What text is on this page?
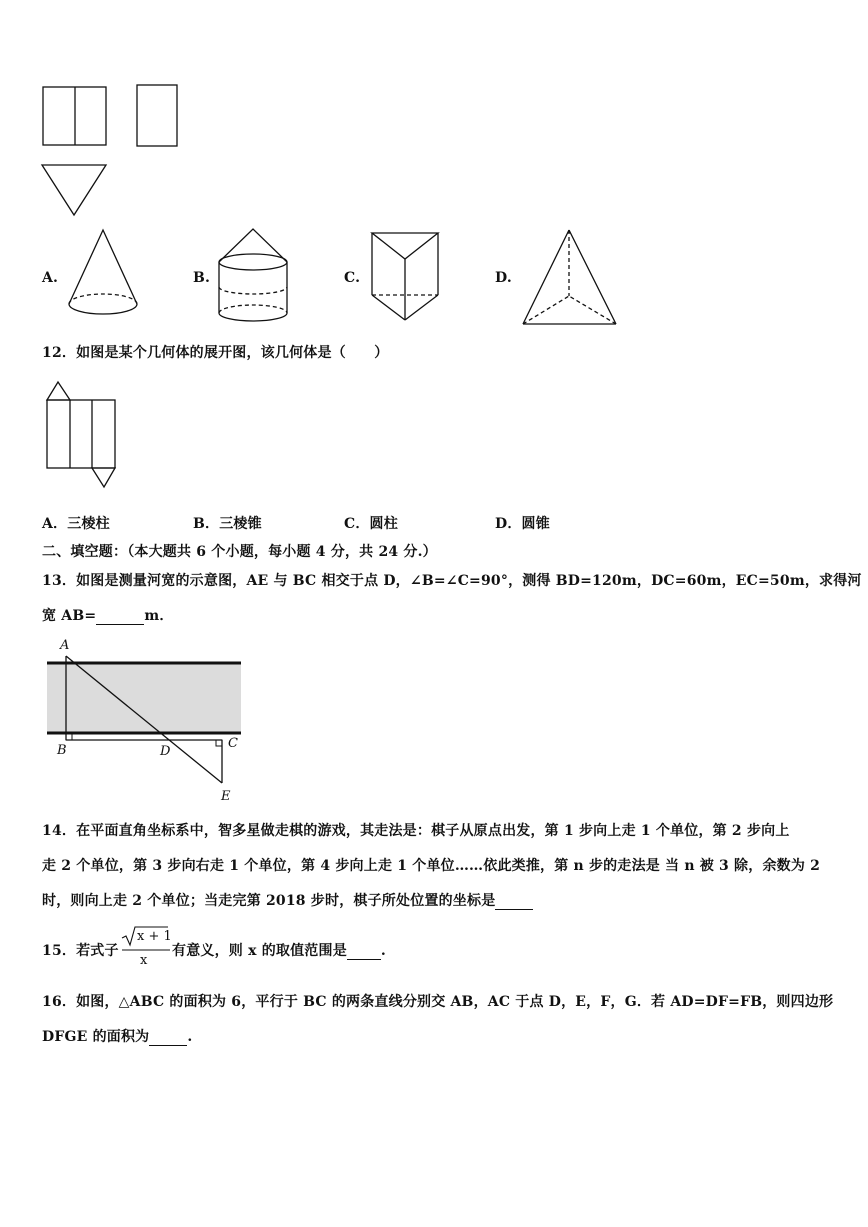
A.	B.	C.	D.
12．如图是某个几何体的展开图，该几何体是（　　）
A．三棱柱	B．三棱锥	C．圆柱	D．圆锥
二、填空题：（本大题共 6 个小题，每小题 4 分，共 24 分.）
13．如图是测量河宽的示意图，AE 与 BC 相交于点 D，∠B=∠C=90°，测得 BD=120m，DC=60m，EC=50m，求得河
宽 AB=	m．
A
B	C
D
E
14．在平面直角坐标系中，智多星做走棋的游戏，其走法是：棋子从原点出发，第 1 步向上走 1 个单位，第 2 步向上
走 2 个单位，第 3 步向右走 1 个单位，第 4 步向上走 1 个单位……依此类推，第 n 步的走法是 当 n 被 3 除，余数为 2
时，则向上走 2 个单位；当走完第 2018 步时，棋子所处位置的坐标是
15．若式子
x + 1
x
有意义，则 x 的取值范围是 .
16．如图，△ABC 的面积为 6，平行于 BC 的两条直线分别交 AB，AC 于点 D，E，F，G．若 AD=DF=FB，则四边形
DFGE 的面积为	.
